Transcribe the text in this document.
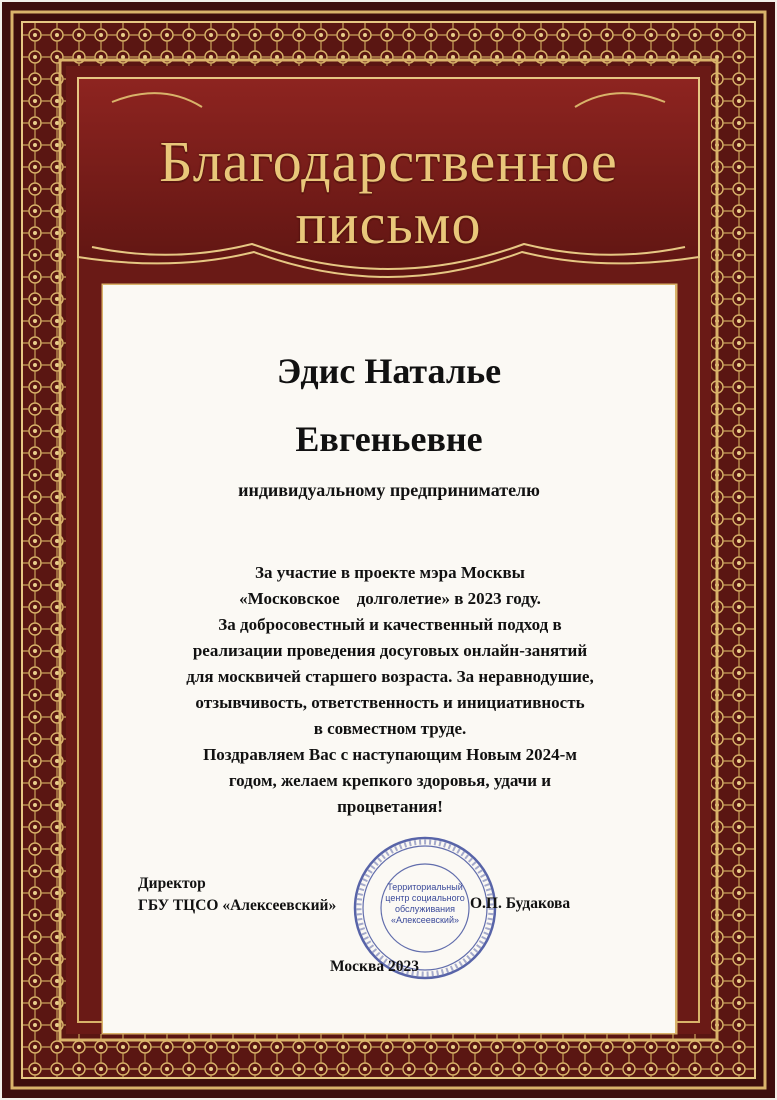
Благодарственное
письмо
Эдис Наталье
Евгеньевне
индивидуальному предпринимателю
За участие в проекте мэра Москвы
«Московское    долголетие» в 2023 году.
За добросовестный и качественный подход в
реализации проведения досуговых онлайн-занятий
для москвичей старшего возраста. За неравнодушие,
отзывчивость, ответственность и инициативность
в совместном труде.
Поздравляем Вас с наступающим Новым 2024-м
годом, желаем крепкого здоровья, удачи и
процветания!
Территориальный
центр социального
обслуживания
«Алексеевский»
Директор
ГБУ ТЦСО «Алексеевский»	О.П. Будакова
Москва 2023
